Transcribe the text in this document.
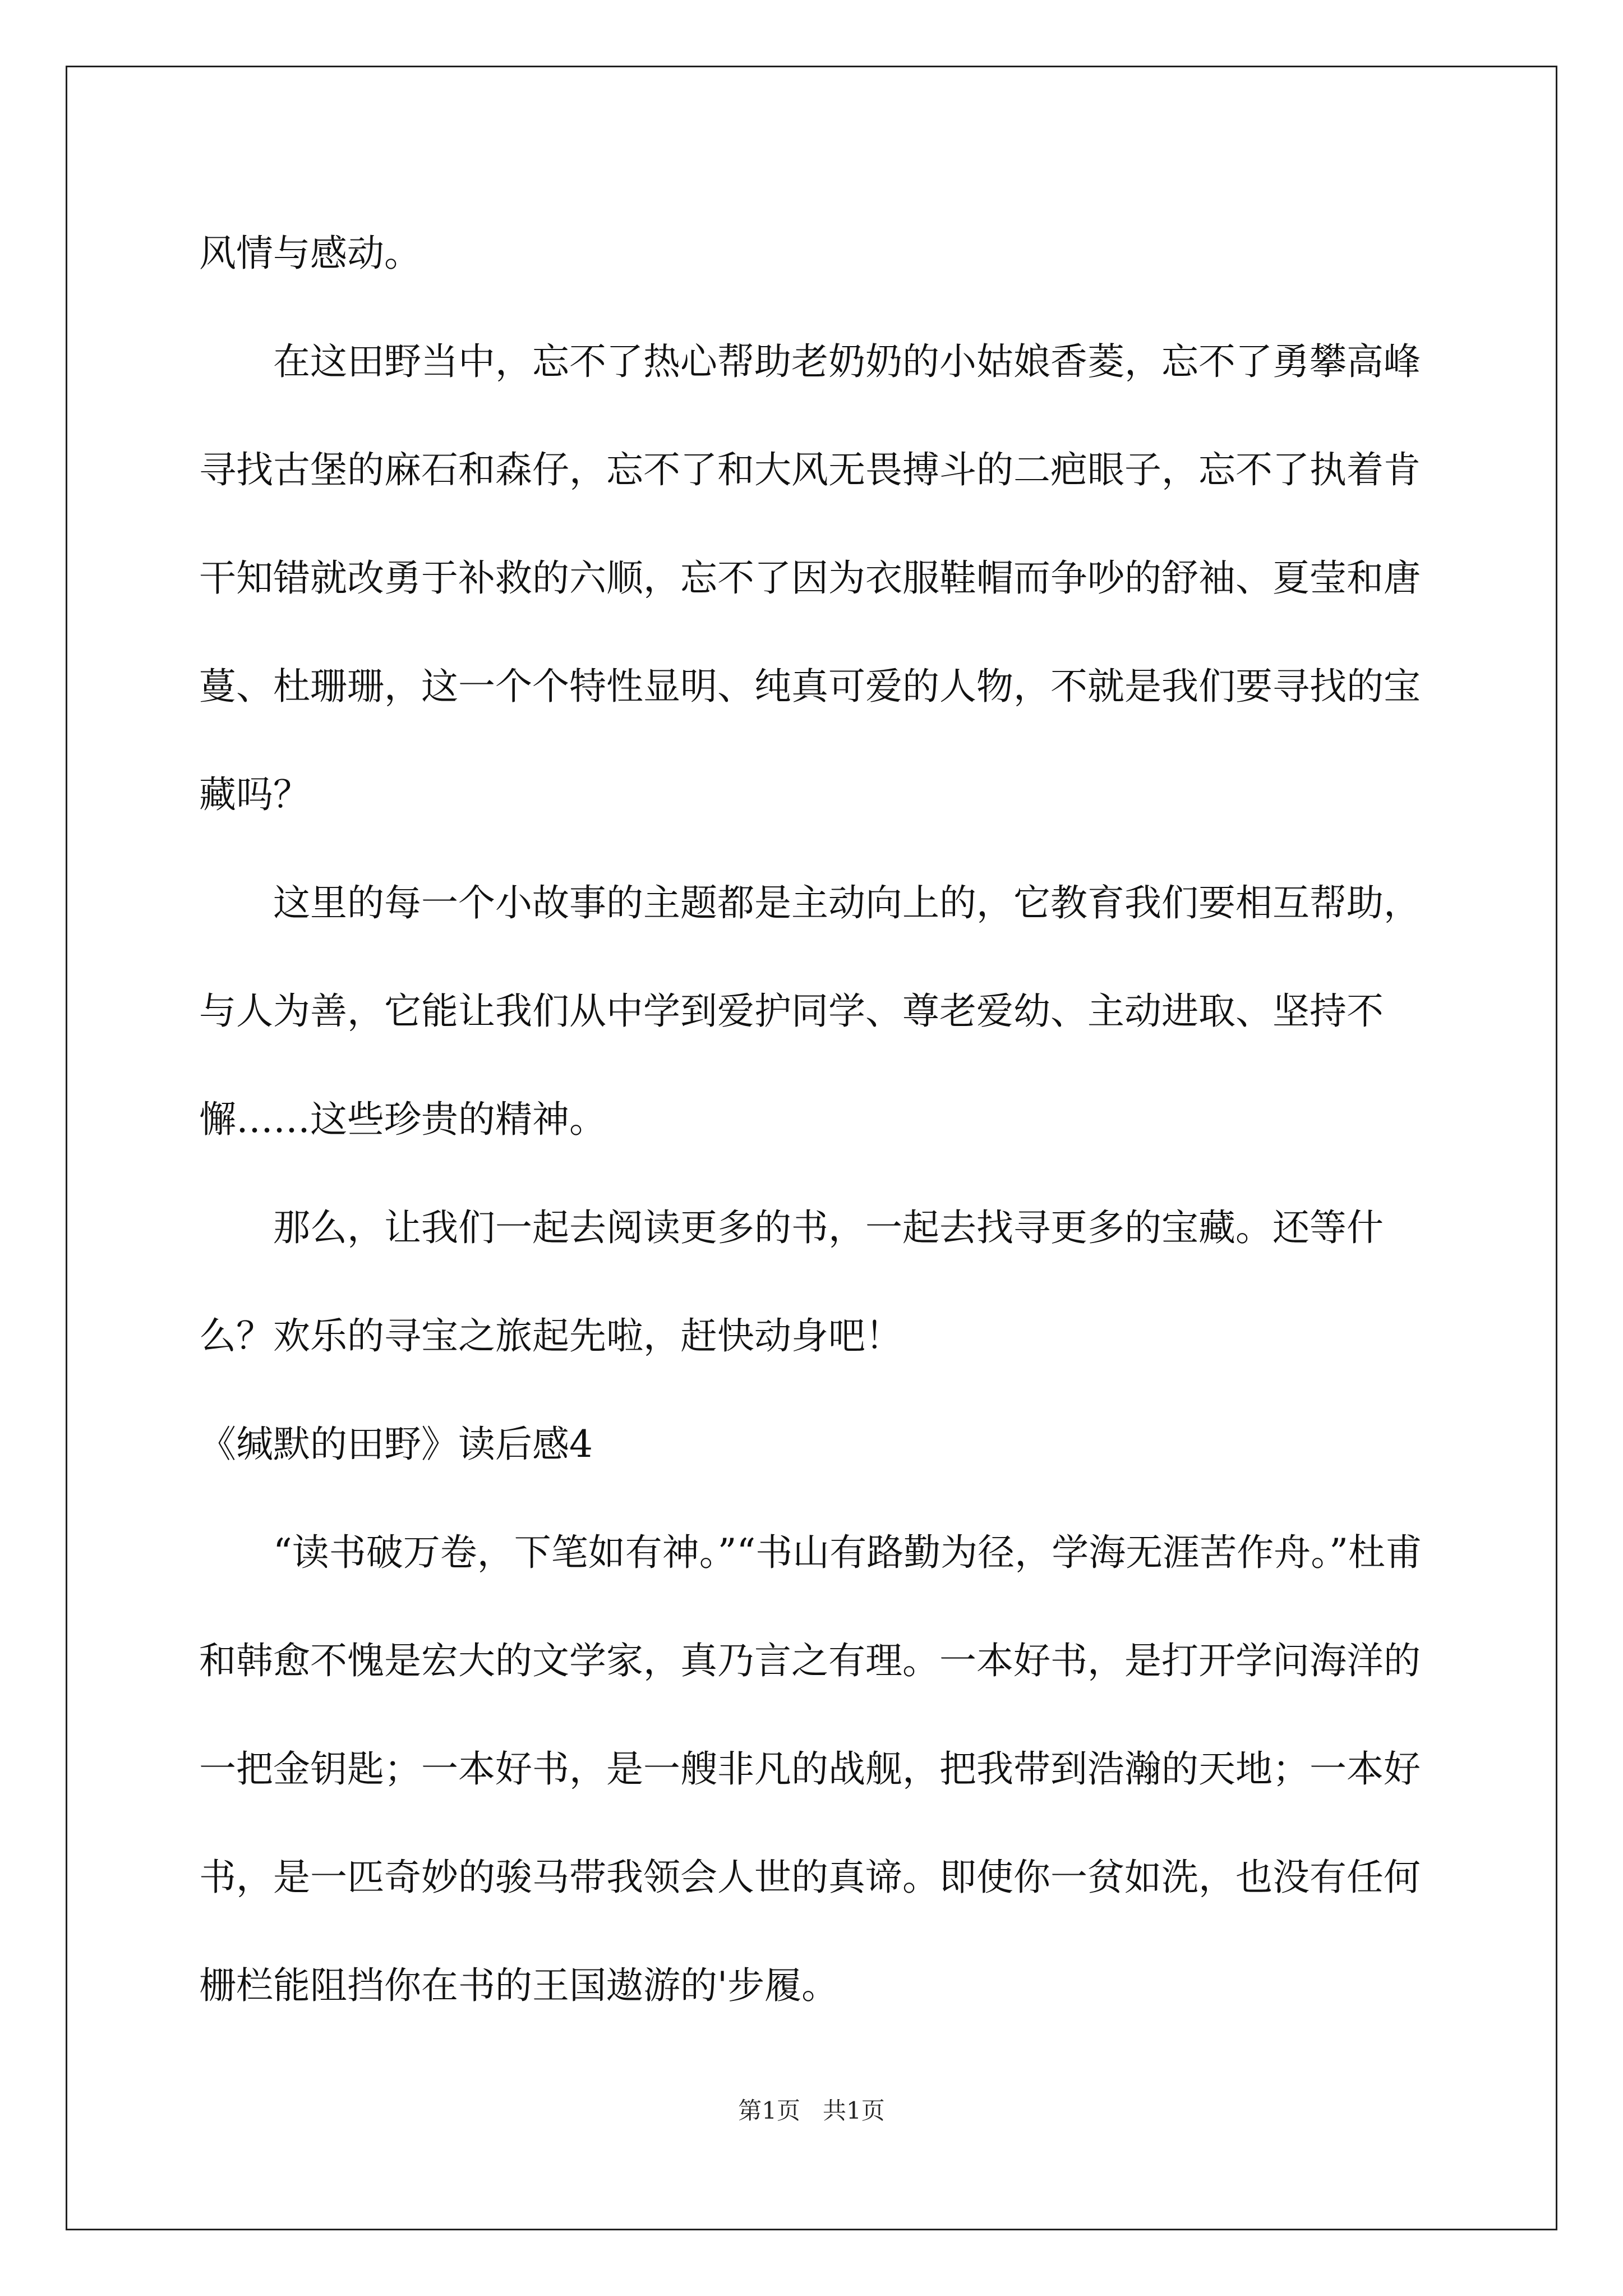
风情与感动。

在这田野当中，忘不了热心帮助老奶奶的小姑娘香菱，忘不了勇攀高峰寻找古堡的麻石和森仔，忘不了和大风无畏搏斗的二疤眼子，忘不了执着肯干知错就改勇于补救的六顺，忘不了因为衣服鞋帽而争吵的舒袖、夏莹和唐蔓、杜珊珊，这一个个特性显明、纯真可爱的人物，不就是我们要寻找的宝藏吗？

这里的每一个小故事的主题都是主动向上的，它教育我们要相互帮助，与人为善，它能让我们从中学到爱护同学、尊老爱幼、主动进取、坚持不懈……这些珍贵的精神。

那么，让我们一起去阅读更多的书，一起去找寻更多的宝藏。还等什么？欢乐的寻宝之旅起先啦，赶快动身吧！

《缄默的田野》读后感4

“读书破万卷，下笔如有神。”“书山有路勤为径，学海无涯苦作舟。”杜甫和韩愈不愧是宏大的文学家，真乃言之有理。一本好书，是打开学问海洋的一把金钥匙；一本好书，是一艘非凡的战舰，把我带到浩瀚的天地；一本好书，是一匹奇妙的骏马带我领会人世的真谛。即使你一贫如洗，也没有任何栅栏能阻挡你在书的王国遨游的'步履。

第1页 共1页
